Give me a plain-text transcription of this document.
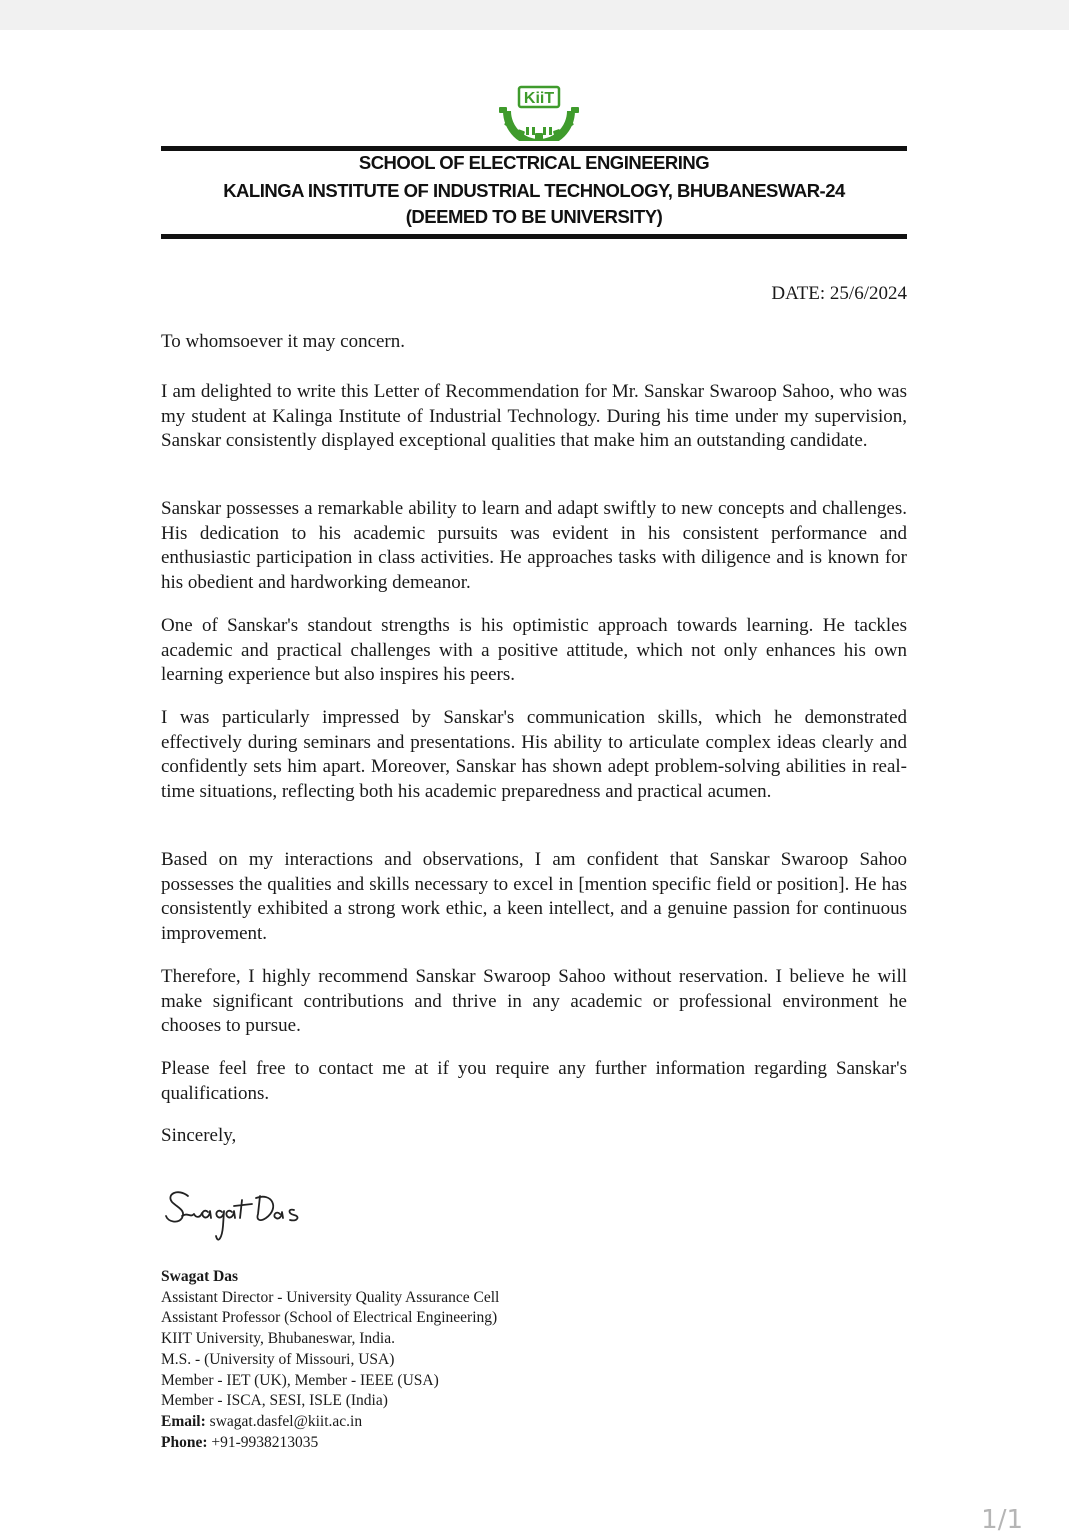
KiiT
SCHOOL OF ELECTRICAL ENGINEERING
KALINGA INSTITUTE OF INDUSTRIAL TECHNOLOGY, BHUBANESWAR-24
(DEEMED TO BE UNIVERSITY)
DATE: 25/6/2024
To whomsoever it may concern.

I am delighted to write this Letter of Recommendation for Mr. Sanskar Swaroop Sahoo, who was my student at Kalinga Institute of Industrial Technology. During his time under my supervision, Sanskar consistently displayed exceptional qualities that make him an outstanding candidate.

Sanskar possesses a remarkable ability to learn and adapt swiftly to new concepts and challenges. His dedication to his academic pursuits was evident in his consistent performance and enthusiastic participation in class activities. He approaches tasks with diligence and is known for his obedient and hardworking demeanor.

One of Sanskar's standout strengths is his optimistic approach towards learning. He tackles academic and practical challenges with a positive attitude, which not only enhances his own learning experience but also inspires his peers.

I was particularly impressed by Sanskar's communication skills, which he demonstrated effectively during seminars and presentations. His ability to articulate complex ideas clearly and confidently sets him apart. Moreover, Sanskar has shown adept problem-solving abilities in real-time situations, reflecting both his academic preparedness and practical acumen.

Based on my interactions and observations, I am confident that Sanskar Swaroop Sahoo possesses the qualities and skills necessary to excel in [mention specific field or position]. He has consistently exhibited a strong work ethic, a keen intellect, and a genuine passion for continuous improvement.

Therefore, I highly recommend Sanskar Swaroop Sahoo without reservation. I believe he will make significant contributions and thrive in any academic or professional environment he chooses to pursue.

Please feel free to contact me at if you require any further information regarding Sanskar's qualifications.

Sincerely,
Swagat Das
Assistant Director - University Quality Assurance Cell
Assistant Professor (School of Electrical Engineering)
KIIT University, Bhubaneswar, India.
M.S. - (University of Missouri, USA)
Member - IET (UK), Member - IEEE (USA)
Member - ISCA, SESI, ISLE (India)
Email: swagat.dasfel@kiit.ac.in
Phone: +91-9938213035
1/1
